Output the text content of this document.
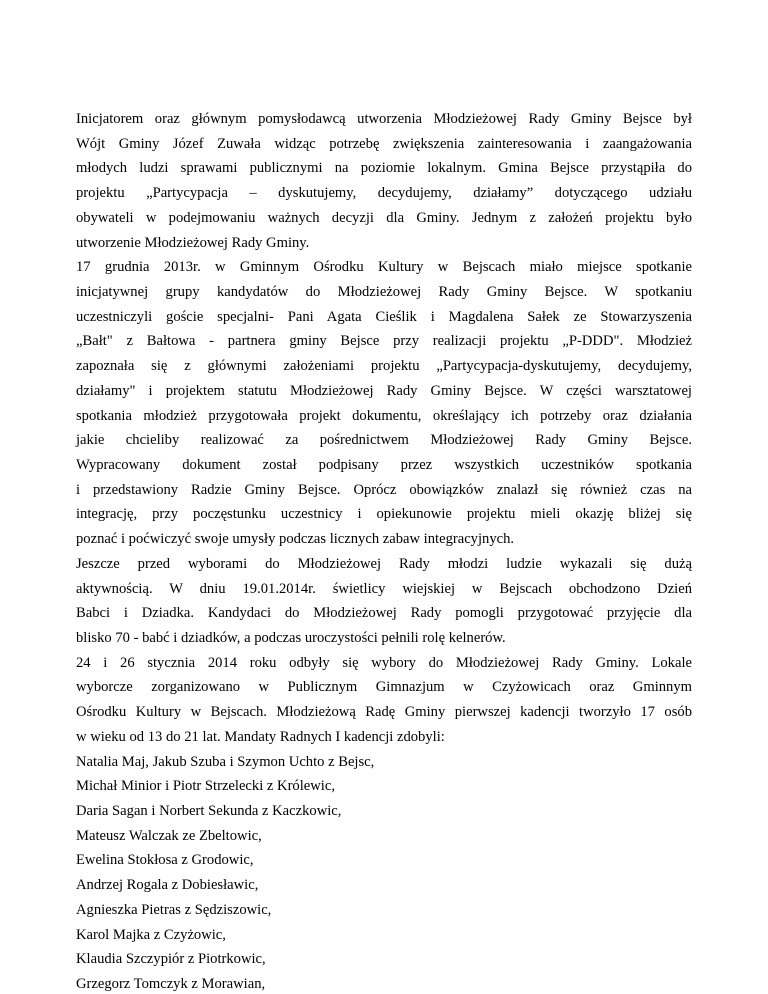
Inicjatorem oraz głównym pomysłodawcą utworzenia Młodzieżowej Rady Gminy Bejsce był
Wójt Gminy Józef Zuwała widząc potrzebę zwiększenia zainteresowania i zaangażowania
młodych ludzi sprawami publicznymi na poziomie lokalnym. Gmina Bejsce przystąpiła do
projektu „Partycypacja – dyskutujemy, decydujemy, działamy” dotyczącego udziału
obywateli w podejmowaniu ważnych decyzji dla Gminy. Jednym z założeń projektu było
utworzenie Młodzieżowej Rady Gminy.
17 grudnia 2013r. w Gminnym Ośrodku Kultury w Bejscach miało miejsce spotkanie
inicjatywnej grupy kandydatów do Młodzieżowej Rady Gminy Bejsce. W spotkaniu
uczestniczyli goście specjalni- Pani Agata Cieślik i Magdalena Sałek ze Stowarzyszenia
„Bałt" z Bałtowa - partnera gminy Bejsce przy realizacji projektu „P-DDD". Młodzież
zapoznała się z głównymi założeniami projektu „Partycypacja-dyskutujemy, decydujemy,
działamy" i projektem statutu Młodzieżowej Rady Gminy Bejsce. W części warsztatowej
spotkania młodzież przygotowała projekt dokumentu, określający ich potrzeby oraz działania
jakie chcieliby realizować za pośrednictwem Młodzieżowej Rady Gminy Bejsce.
Wypracowany dokument został podpisany przez wszystkich uczestników spotkania
i przedstawiony Radzie Gminy Bejsce. Oprócz obowiązków znalazł się również czas na
integrację, przy poczęstunku uczestnicy i opiekunowie projektu mieli okazję bliżej się
poznać i poćwiczyć swoje umysły podczas licznych zabaw integracyjnych.
Jeszcze przed wyborami do Młodzieżowej Rady młodzi ludzie wykazali się dużą
aktywnością. W dniu 19.01.2014r. świetlicy wiejskiej w Bejscach obchodzono Dzień
Babci i Dziadka. Kandydaci do Młodzieżowej Rady pomogli przygotować przyjęcie dla
blisko 70 - babć i dziadków, a podczas uroczystości pełnili rolę kelnerów.
24 i 26 stycznia 2014 roku odbyły się wybory do Młodzieżowej Rady Gminy. Lokale
wyborcze zorganizowano w Publicznym Gimnazjum w Czyżowicach oraz Gminnym
Ośrodku Kultury w Bejscach. Młodzieżową Radę Gminy pierwszej kadencji tworzyło 17 osób
w wieku od 13 do 21 lat. Mandaty Radnych I kadencji zdobyli:
Natalia Maj, Jakub Szuba i Szymon Uchto z Bejsc,
Michał Minior i Piotr Strzelecki z Królewic,
Daria Sagan i Norbert Sekunda z Kaczkowic,
Mateusz Walczak ze Zbeltowic,
Ewelina Stokłosa z Grodowic,
Andrzej Rogala z Dobiesławic,
Agnieszka Pietras z Sędziszowic,
Karol Majka z Czyżowic,
Klaudia Szczypiór z Piotrkowic,
Grzegorz Tomczyk z Morawian,
